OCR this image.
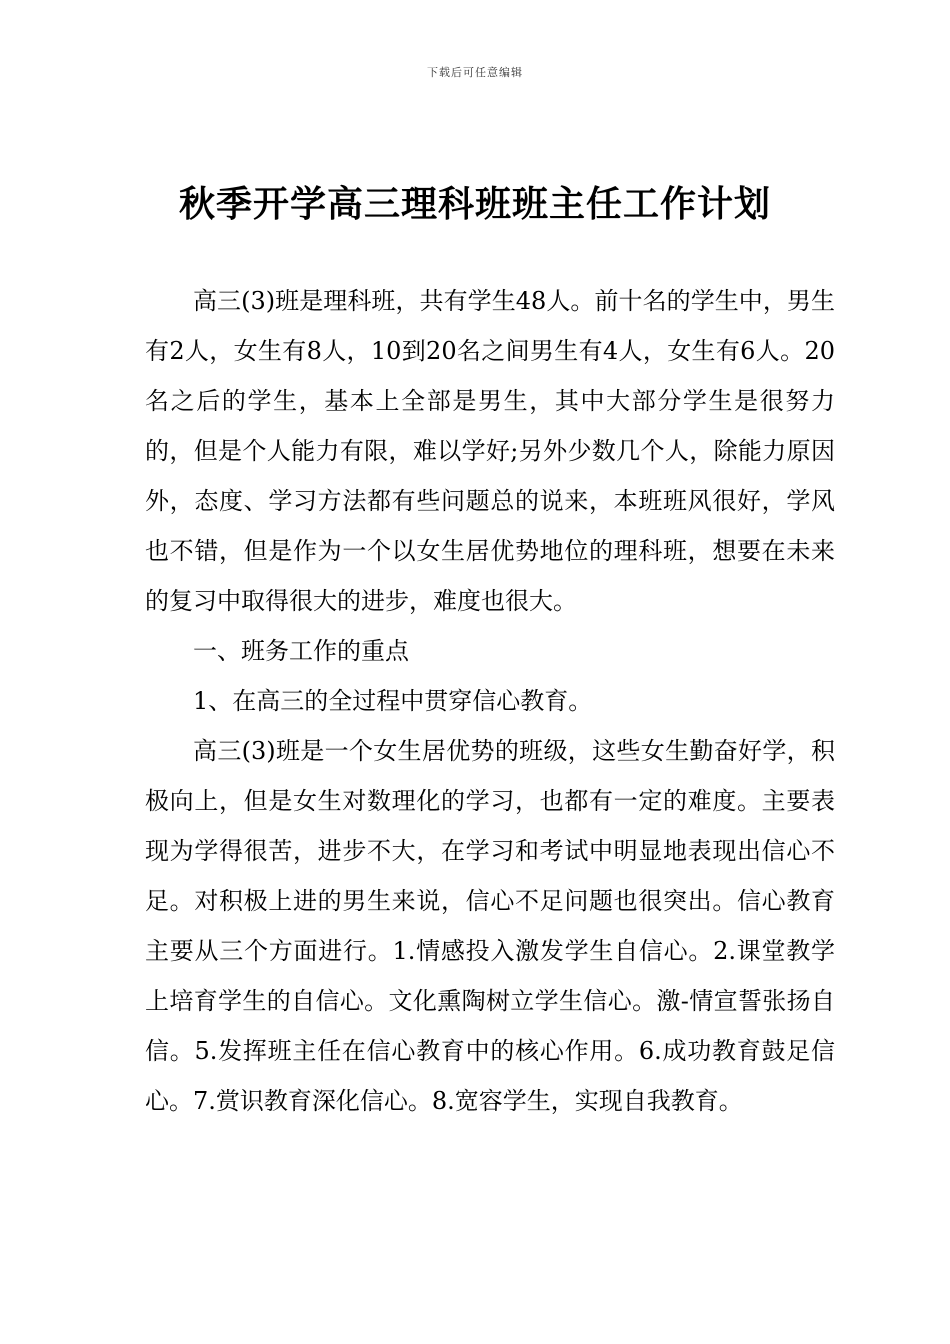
下载后可任意编辑
秋季开学高三理科班班主任工作计划

高三(3)班是理科班，共有学生48人。前十名的学生中，男生有2人，女生有8人，10到20名之间男生有4人，女生有6人。20名之后的学生，基本上全部是男生，其中大部分学生是很努力的，但是个人能力有限，难以学好;另外少数几个人，除能力原因外，态度、学习方法都有些问题总的说来，本班班风很好，学风也不错，但是作为一个以女生居优势地位的理科班，想要在未来的复习中取得很大的进步，难度也很大。

一、班务工作的重点

1、在高三的全过程中贯穿信心教育。

高三(3)班是一个女生居优势的班级，这些女生勤奋好学，积极向上，但是女生对数理化的学习，也都有一定的难度。主要表现为学得很苦，进步不大，在学习和考试中明显地表现出信心不足。对积极上进的男生来说，信心不足问题也很突出。信心教育主要从三个方面进行。1.情感投入激发学生自信心。2.课堂教学上培育学生的自信心。文化熏陶树立学生信心。激-情宣誓张扬自信。5.发挥班主任在信心教育中的核心作用。6.成功教育鼓足信心。7.赏识教育深化信心。8.宽容学生，实现自我教育。
